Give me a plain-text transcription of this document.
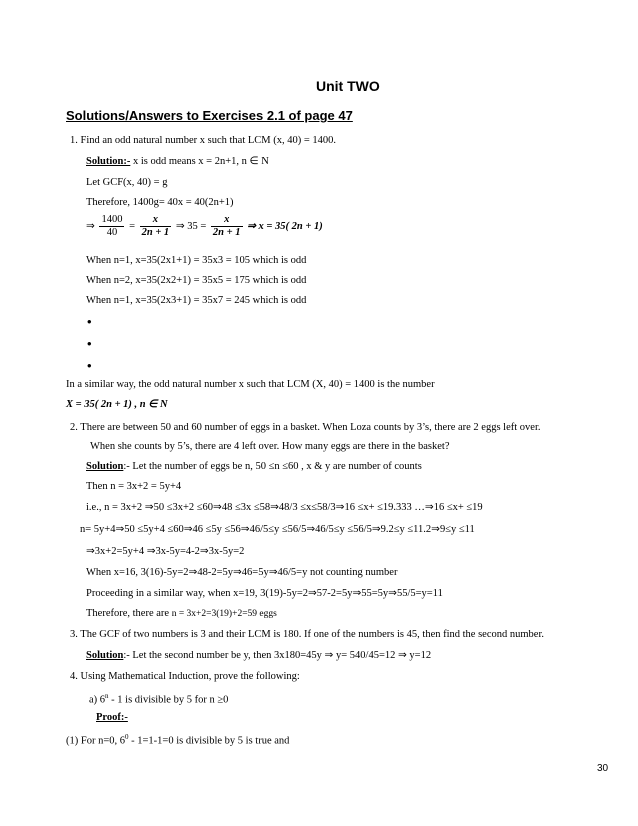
Unit TWO
Solutions/Answers to Exercises 2.1 of page 47
1. Find an odd natural number x such that LCM (x, 40) = 1400.
Solution:- x is odd means x = 2n+1, n ∈ N
Let GCF(x, 40) = g
Therefore, 1400g= 40x = 40(2n+1)
⇒ $\frac{1400}{40} = \frac{x}{2n + 1}$ ⇒ $35 = \frac{x}{2n + 1}$ ⇒ x = 35( 2n + 1)
When n=1, x=35(2x1+1) = 35x3 = 105 which is odd
When n=2, x=35(2x2+1) = 35x5 = 175 which is odd
When n=1, x=35(2x3+1) = 35x7 = 245 which is odd
•
•
•
In a similar way, the odd natural number x such that LCM (X, 40) = 1400 is the number
X = 35( 2n + 1) , n ∈ N
2. There are between 50 and 60 number of eggs in a basket. When Loza counts by 3’s, there are 2 eggs left over.
When she counts by 5’s, there are 4 left over. How many eggs are there in the basket?
Solution:- Let the number of eggs be n, 50 ≤n ≤60 , x & y are number of counts
Then n = 3x+2 = 5y+4
i.e., n = 3x+2 ⇒50 ≤3x+2 ≤60⇒48 ≤3x ≤58⇒48/3 ≤x≤58/3⇒16 ≤x+ ≤19.333 …⇒16 ≤x+ ≤19
n= 5y+4⇒50 ≤5y+4 ≤60⇒46 ≤5y ≤56⇒46/5≤y ≤56/5⇒46/5≤y ≤56/5⇒9.2≤y ≤11.2⇒9≤y ≤11
⇒3x+2=5y+4 ⇒3x-5y=4-2⇒3x-5y=2
When x=16, 3(16)-5y=2⇒48-2=5y⇒46=5y⇒46/5=y not counting number
Proceeding in a similar way, when x=19, 3(19)-5y=2⇒57-2=5y⇒55=5y⇒55/5=y=11
Therefore, there are n = 3x+2=3(19)+2=59 eggs
3. The GCF of two numbers is 3 and their LCM is 180. If one of the numbers is 45, then find the second number.
Solution:- Let the second number be y, then 3x180=45y ⇒ y= 540/45=12 ⇒ y=12
4. Using Mathematical Induction, prove the following:
a) 6$^n$ - 1 is divisible by 5 for n ≥0
Proof:-
(1) For n=0, $6^0 - 1=1-1=0$ is divisible by 5 is true and
30
